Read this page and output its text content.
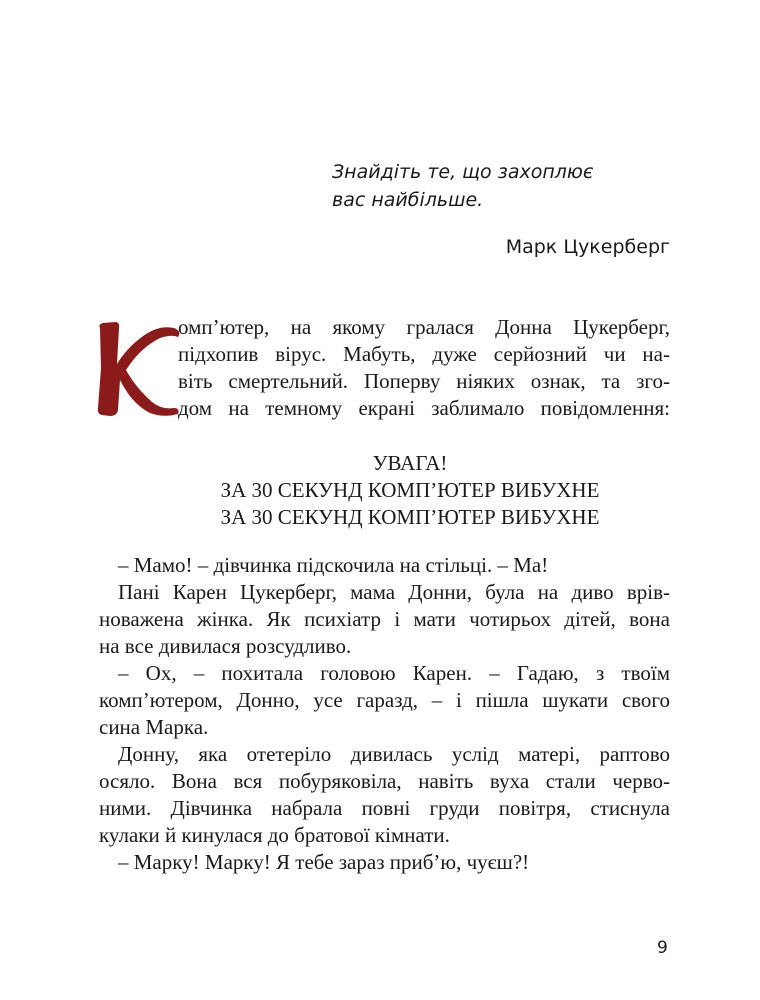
Знайдіть те, що захоплює
вас найбільше.
Марк Цукерберг
омп’ютер, на якому гралася Донна Цукерберг,
підхопив вірус. Мабуть, дуже серйозний чи на-
віть смертельний. Поперву ніяких ознак, та зго-
дом на темному екрані заблимало повідомлення:
УВАГА!
ЗА 30 СЕКУНД КОМП’ЮТЕР ВИБУХНЕ
ЗА 30 СЕКУНД КОМП’ЮТЕР ВИБУХНЕ
– Мамо! – дівчинка підскочила на стільці. – Ма!
Пані Карен Цукерберг, мама Донни, була на диво врів-
новажена жінка. Як психіатр і мати чотирьох дітей, вона
на все дивилася розсудливо.
– Ох, – похитала головою Карен. – Гадаю, з твоїм
комп’ютером, Донно, усе гаразд, – і пішла шукати свого
сина Марка.
Донну, яка отетеріло дивилась услід матері, раптово
осяло. Вона вся побуряковіла, навіть вуха стали черво-
ними. Дівчинка набрала повні груди повітря, стиснула
кулаки й кинулася до братової кімнати.
– Марку! Марку! Я тебе зараз приб’ю, чуєш?!
9
